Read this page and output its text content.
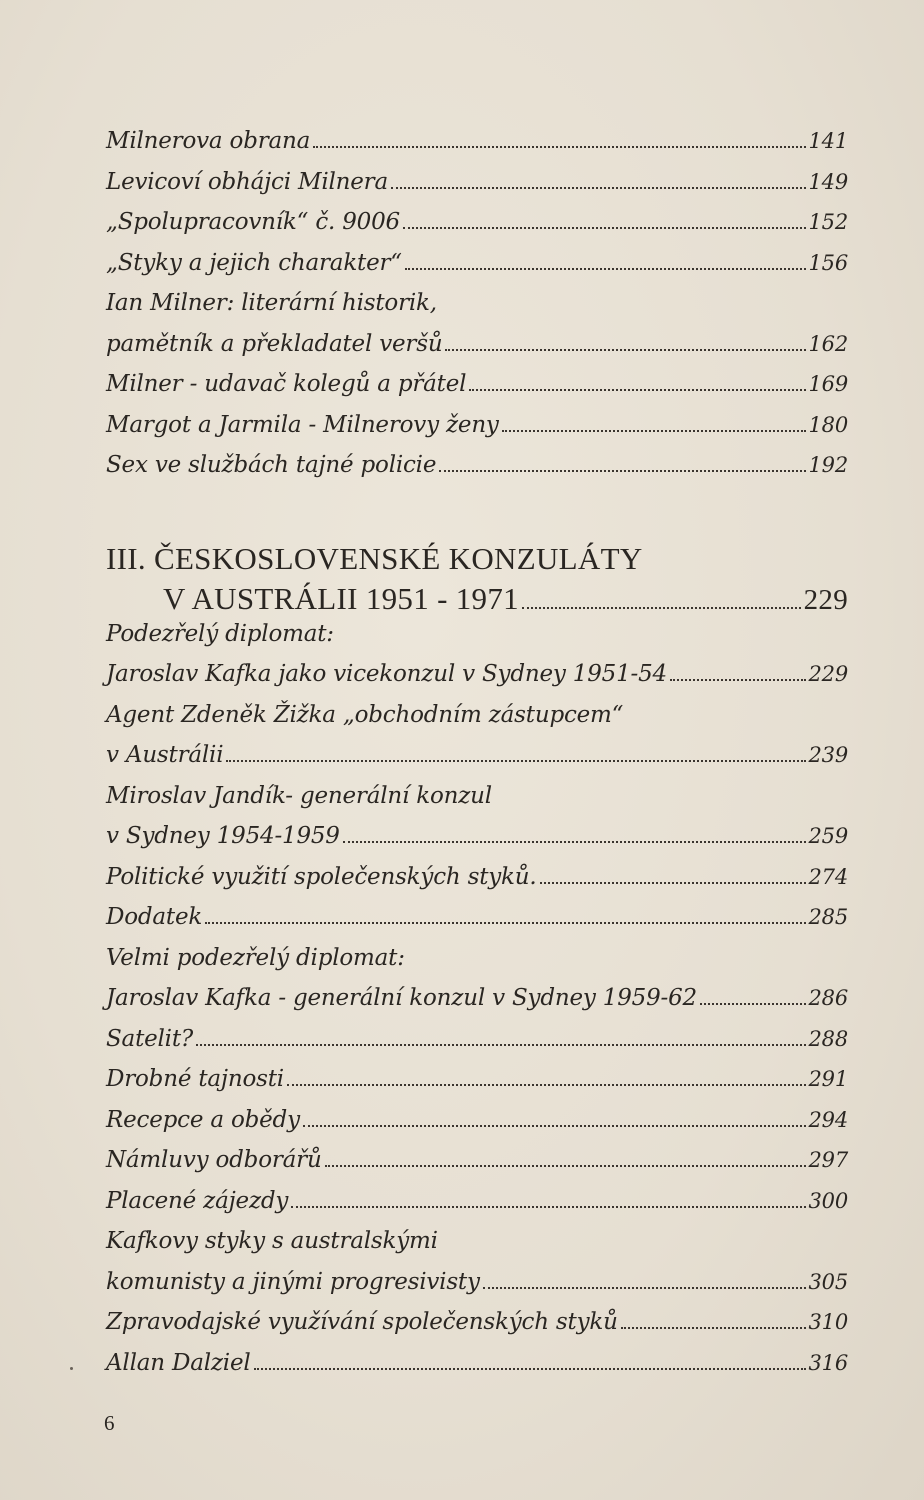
Milnerova obrana	141
Levicoví obhájci Milnera	149
„Spolupracovník“ č. 9006	152
„Styky a jejich charakter“	156
Ian Milner: literární historik,
pamětník a překladatel veršů	162
Milner - udavač kolegů a přátel	169
Margot a Jarmila - Milnerovy ženy	180
Sex ve službách tajné policie	192
III. ČESKOSLOVENSKÉ KONZULÁTY
V AUSTRÁLII 1951 - 1971	229
Podezřelý diplomat:
Jaroslav Kafka jako vicekonzul v Sydney 1951-54	229
Agent Zdeněk Žižka „obchodním zástupcem“
v Austrálii	239
Miroslav Jandík- generální konzul
v Sydney 1954-1959	259
Politické využití společenských styků.	274
Dodatek	285
Velmi podezřelý diplomat:
Jaroslav Kafka - generální konzul v Sydney 1959-62	286
Satelit?	288
Drobné tajnosti	291
Recepce a obědy	294
Námluvy odborářů	297
Placené zájezdy	300
Kafkovy styky s australskými
komunisty a jinými progresivisty	305
Zpravodajské využívání společenských styků	310
Allan Dalziel	316
6
